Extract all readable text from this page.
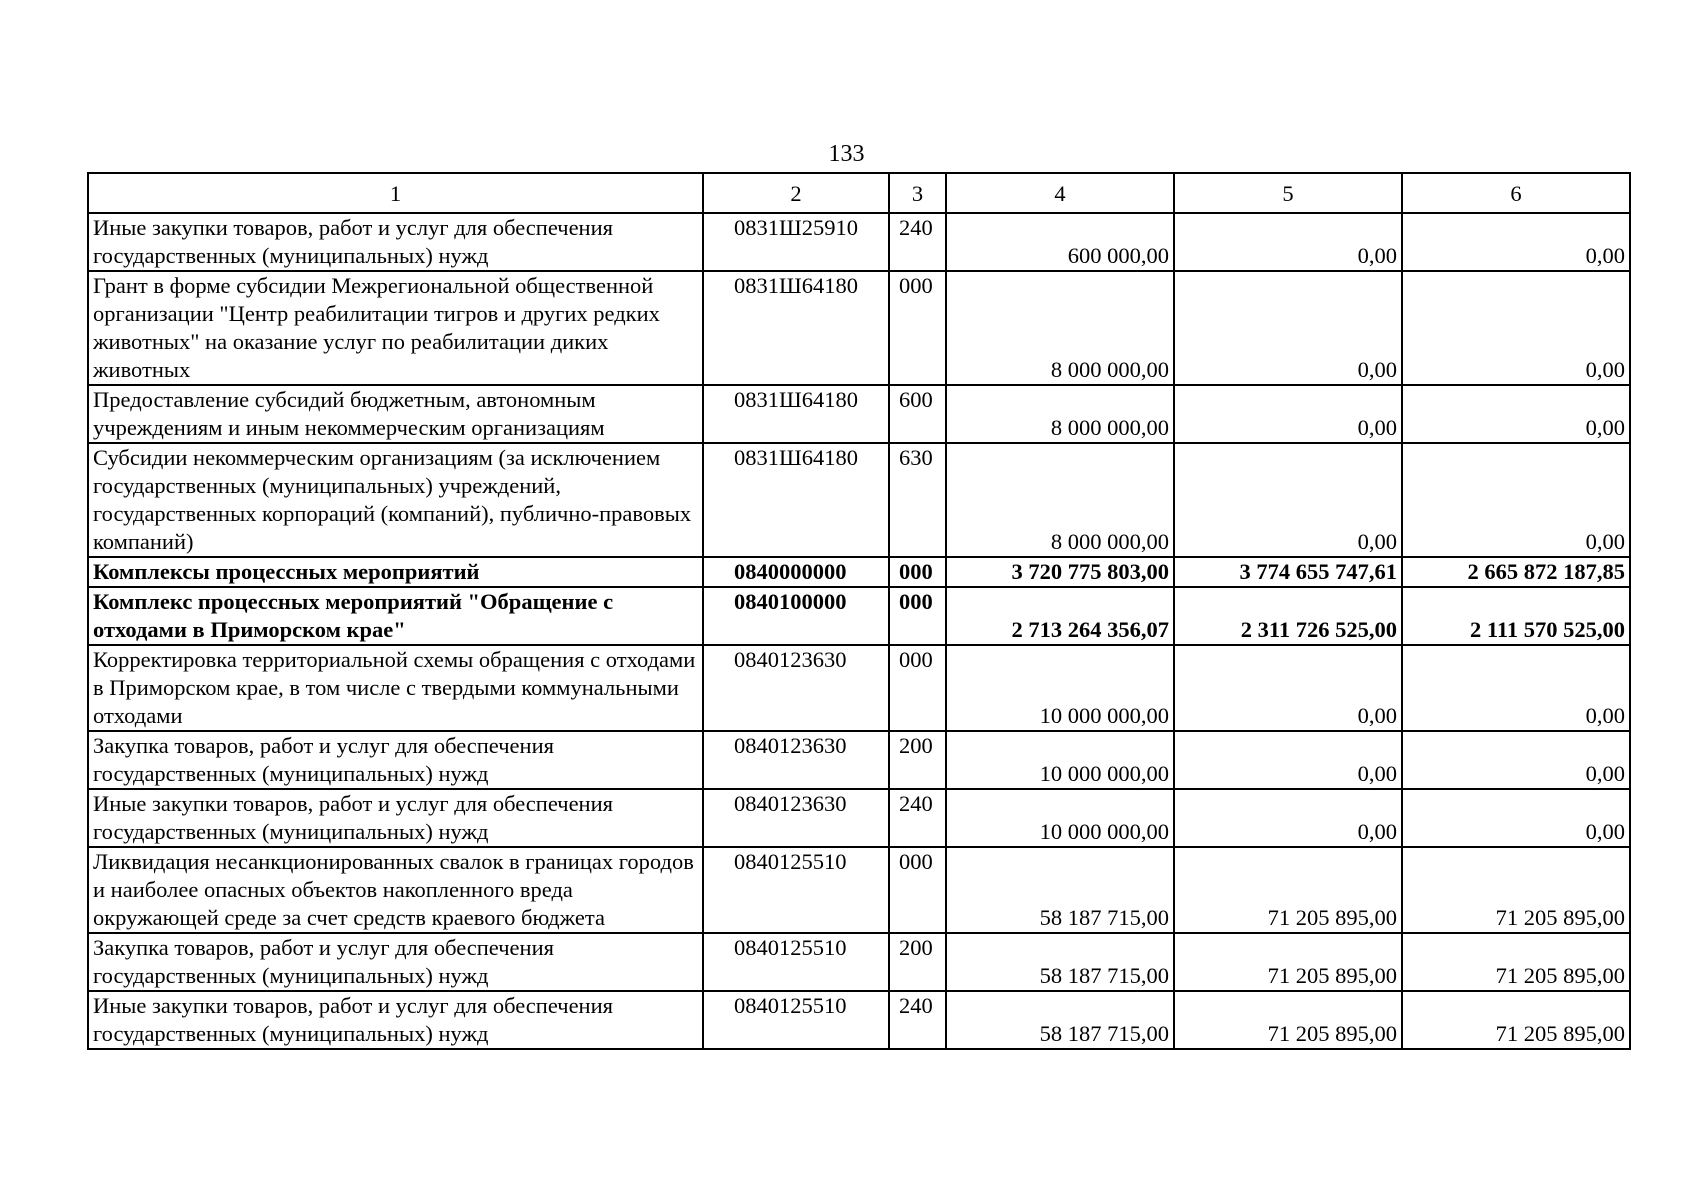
133
1	2	3	4	5	6
Иные закупки товаров, работ и услуг для обеспечения государственных (муниципальных) нужд	0831Ш25910	240	600 000,00	0,00	0,00
Грант в форме субсидии Межрегиональной общественной организации "Центр реабилитации тигров и других редких животных" на оказание услуг по реабилитации диких животных	0831Ш64180	000	8 000 000,00	0,00	0,00
Предоставление субсидий бюджетным, автономным учреждениям и иным некоммерческим организациям	0831Ш64180	600	8 000 000,00	0,00	0,00
Субсидии некоммерческим организациям (за исключением государственных (муниципальных) учреждений, государственных корпораций (компаний), публично-правовых компаний)	0831Ш64180	630	8 000 000,00	0,00	0,00
Комплексы процессных мероприятий	0840000000	000	3 720 775 803,00	3 774 655 747,61	2 665 872 187,85
Комплекс процессных мероприятий "Обращение с отходами в Приморском крае"	0840100000	000	2 713 264 356,07	2 311 726 525,00	2 111 570 525,00
Корректировка территориальной схемы обращения с отходами в Приморском крае, в том числе с твердыми коммунальными отходами	0840123630	000	10 000 000,00	0,00	0,00
Закупка товаров, работ и услуг для обеспечения государственных (муниципальных) нужд	0840123630	200	10 000 000,00	0,00	0,00
Иные закупки товаров, работ и услуг для обеспечения государственных (муниципальных) нужд	0840123630	240	10 000 000,00	0,00	0,00
Ликвидация несанкционированных свалок в границах городов и наиболее опасных объектов накопленного вреда окружающей среде за счет средств краевого бюджета	0840125510	000	58 187 715,00	71 205 895,00	71 205 895,00
Закупка товаров, работ и услуг для обеспечения государственных (муниципальных) нужд	0840125510	200	58 187 715,00	71 205 895,00	71 205 895,00
Иные закупки товаров, работ и услуг для обеспечения государственных (муниципальных) нужд	0840125510	240	58 187 715,00	71 205 895,00	71 205 895,00
